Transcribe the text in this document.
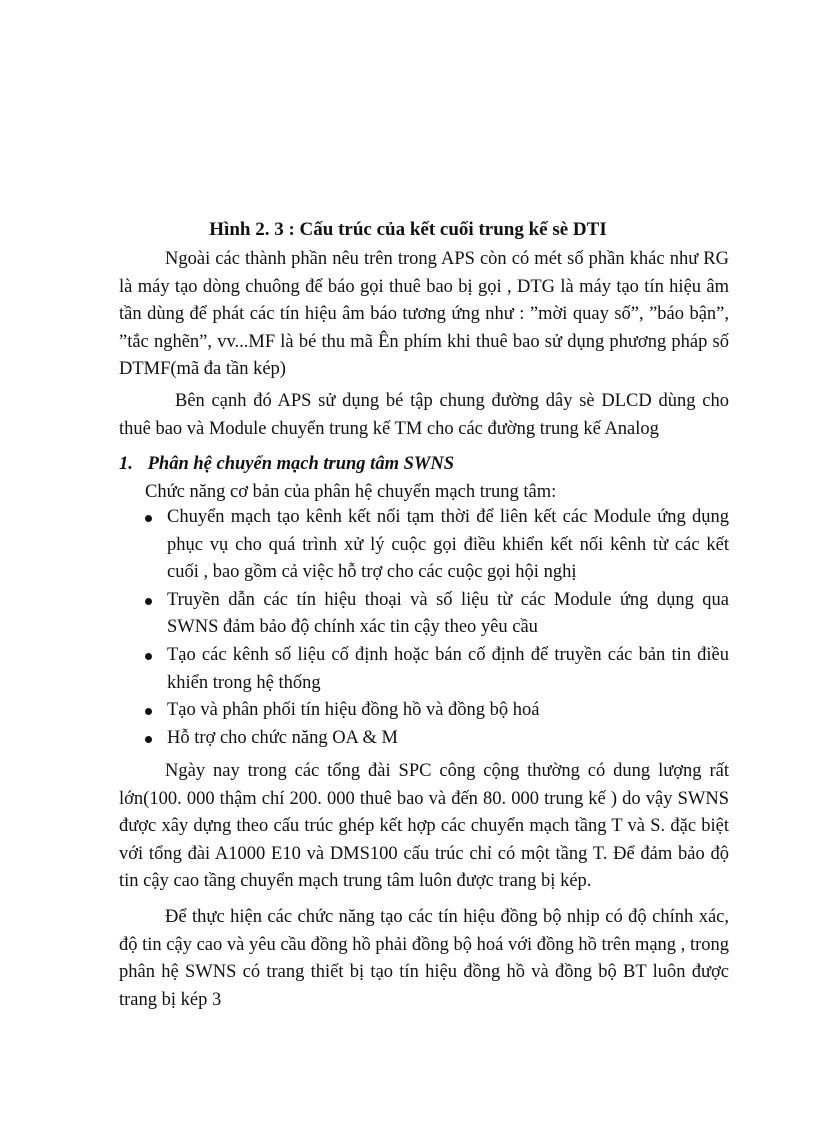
Hình 2. 3 : Cấu trúc của kết cuối trung kế sè DTI

Ngoài các thành phần nêu trên trong APS còn có mét số phần khác như RG là máy tạo dòng chuông để báo gọi thuê bao bị gọi , DTG là máy tạo tín hiệu âm tần dùng để phát các tín hiệu âm báo tương ứng như : ”mời quay số”, ”báo bận”, ”tắc nghẽn”, vv...MF là bé thu mã Ên phím khi thuê bao sử dụng phương pháp số DTMF(mã đa tần kép)

Bên cạnh đó APS sử dụng bé tập chung đường dây sè DLCD dùng cho thuê bao và Module chuyển trung kế TM cho các đường trung kế Analog

1. Phân hệ chuyển mạch trung tâm SWNS
Chức năng cơ bản của phân hệ chuyển mạch trung tâm:
Chuyển mạch tạo kênh kết nối tạm thời để liên kết các Module ứng dụng phục vụ cho quá trình xử lý cuộc gọi điều khiển kết nối kênh từ các kết cuối , bao gồm cả việc hỗ trợ cho các cuộc gọi hội nghị
Truyền dẫn các tín hiệu thoại và số liệu từ các Module ứng dụng qua SWNS đảm bảo độ chính xác tin cậy theo yêu cầu
Tạo các kênh số liệu cố định hoặc bán cố định để truyền các bản tin điều khiển trong hệ thống
Tạo và phân phối tín hiệu đồng hồ và đồng bộ hoá
Hỗ trợ cho chức năng OA & M

Ngày nay trong các tổng đài SPC công cộng thường có dung lượng rất lớn(100. 000 thậm chí 200. 000 thuê bao và đến 80. 000 trung kế ) do vậy SWNS được xây dựng theo cấu trúc ghép kết hợp các chuyển mạch tầng T và S. đặc biệt với tổng đài A1000 E10 và DMS100 cấu trúc chỉ có một tầng T. Để đảm bảo độ tin cậy cao tầng chuyển mạch trung tâm luôn được trang bị kép.

Để thực hiện các chức năng tạo các tín hiệu đồng bộ nhịp có độ chính xác, độ tin cậy cao và yêu cầu đồng hồ phải đồng bộ hoá với đồng hồ trên mạng , trong phân hệ SWNS có trang thiết bị tạo tín hiệu đồng hồ và đồng bộ BT luôn được trang bị kép 3
